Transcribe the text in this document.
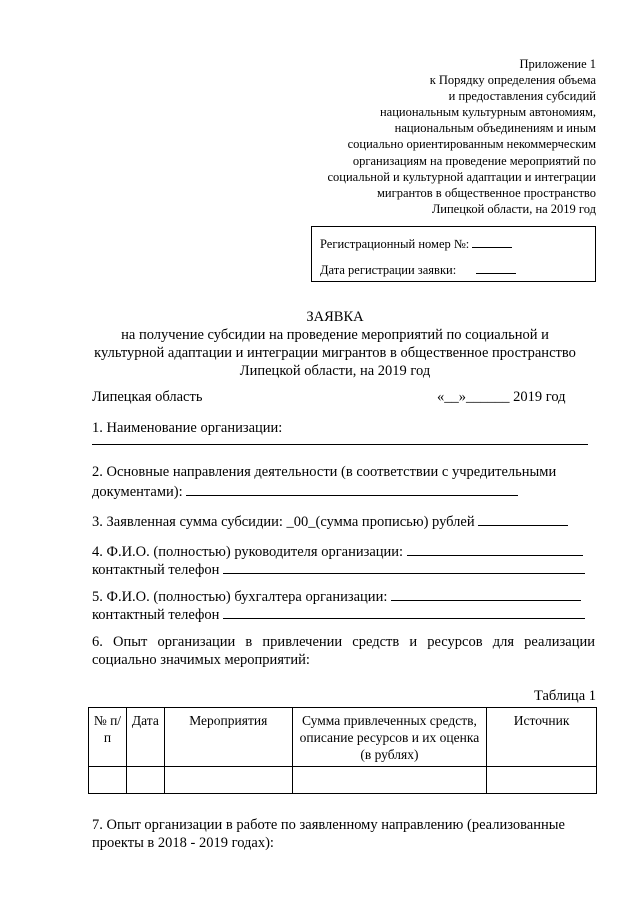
Приложение 1
к Порядку определения объема
и предоставления субсидий
национальным культурным автономиям,
национальным объединениям и иным
социально ориентированным некоммерческим
организациям на проведение мероприятий по
социальной и культурной адаптации и интеграции
мигрантов в общественное пространство
Липецкой области, на 2019 год
Регистрационный номер №:
Дата регистрации заявки:
ЗАЯВКА
на получение субсидии на проведение мероприятий по социальной и
культурной адаптации и интеграции мигрантов в общественное пространство
Липецкой области, на 2019 год
Липецкая область	«__»______ 2019 год
1. Наименование организации:
2. Основные направления деятельности (в соответствии с учредительными
документами):
3. Заявленная сумма субсидии: _00_(сумма прописью) рублей
4. Ф.И.О. (полностью) руководителя организации:
контактный телефон
5. Ф.И.О. (полностью) бухгалтера организации:
контактный телефон
6. Опыт организации в привлечении средств и ресурсов для реализации
социально значимых мероприятий:
Таблица 1
№ п/п	Дата	Мероприятия	Сумма привлеченных средств, описание ресурсов и их оценка (в рублях)	Источник

7. Опыт организации в работе по заявленному направлению (реализованные
проекты в 2018 - 2019 годах):
